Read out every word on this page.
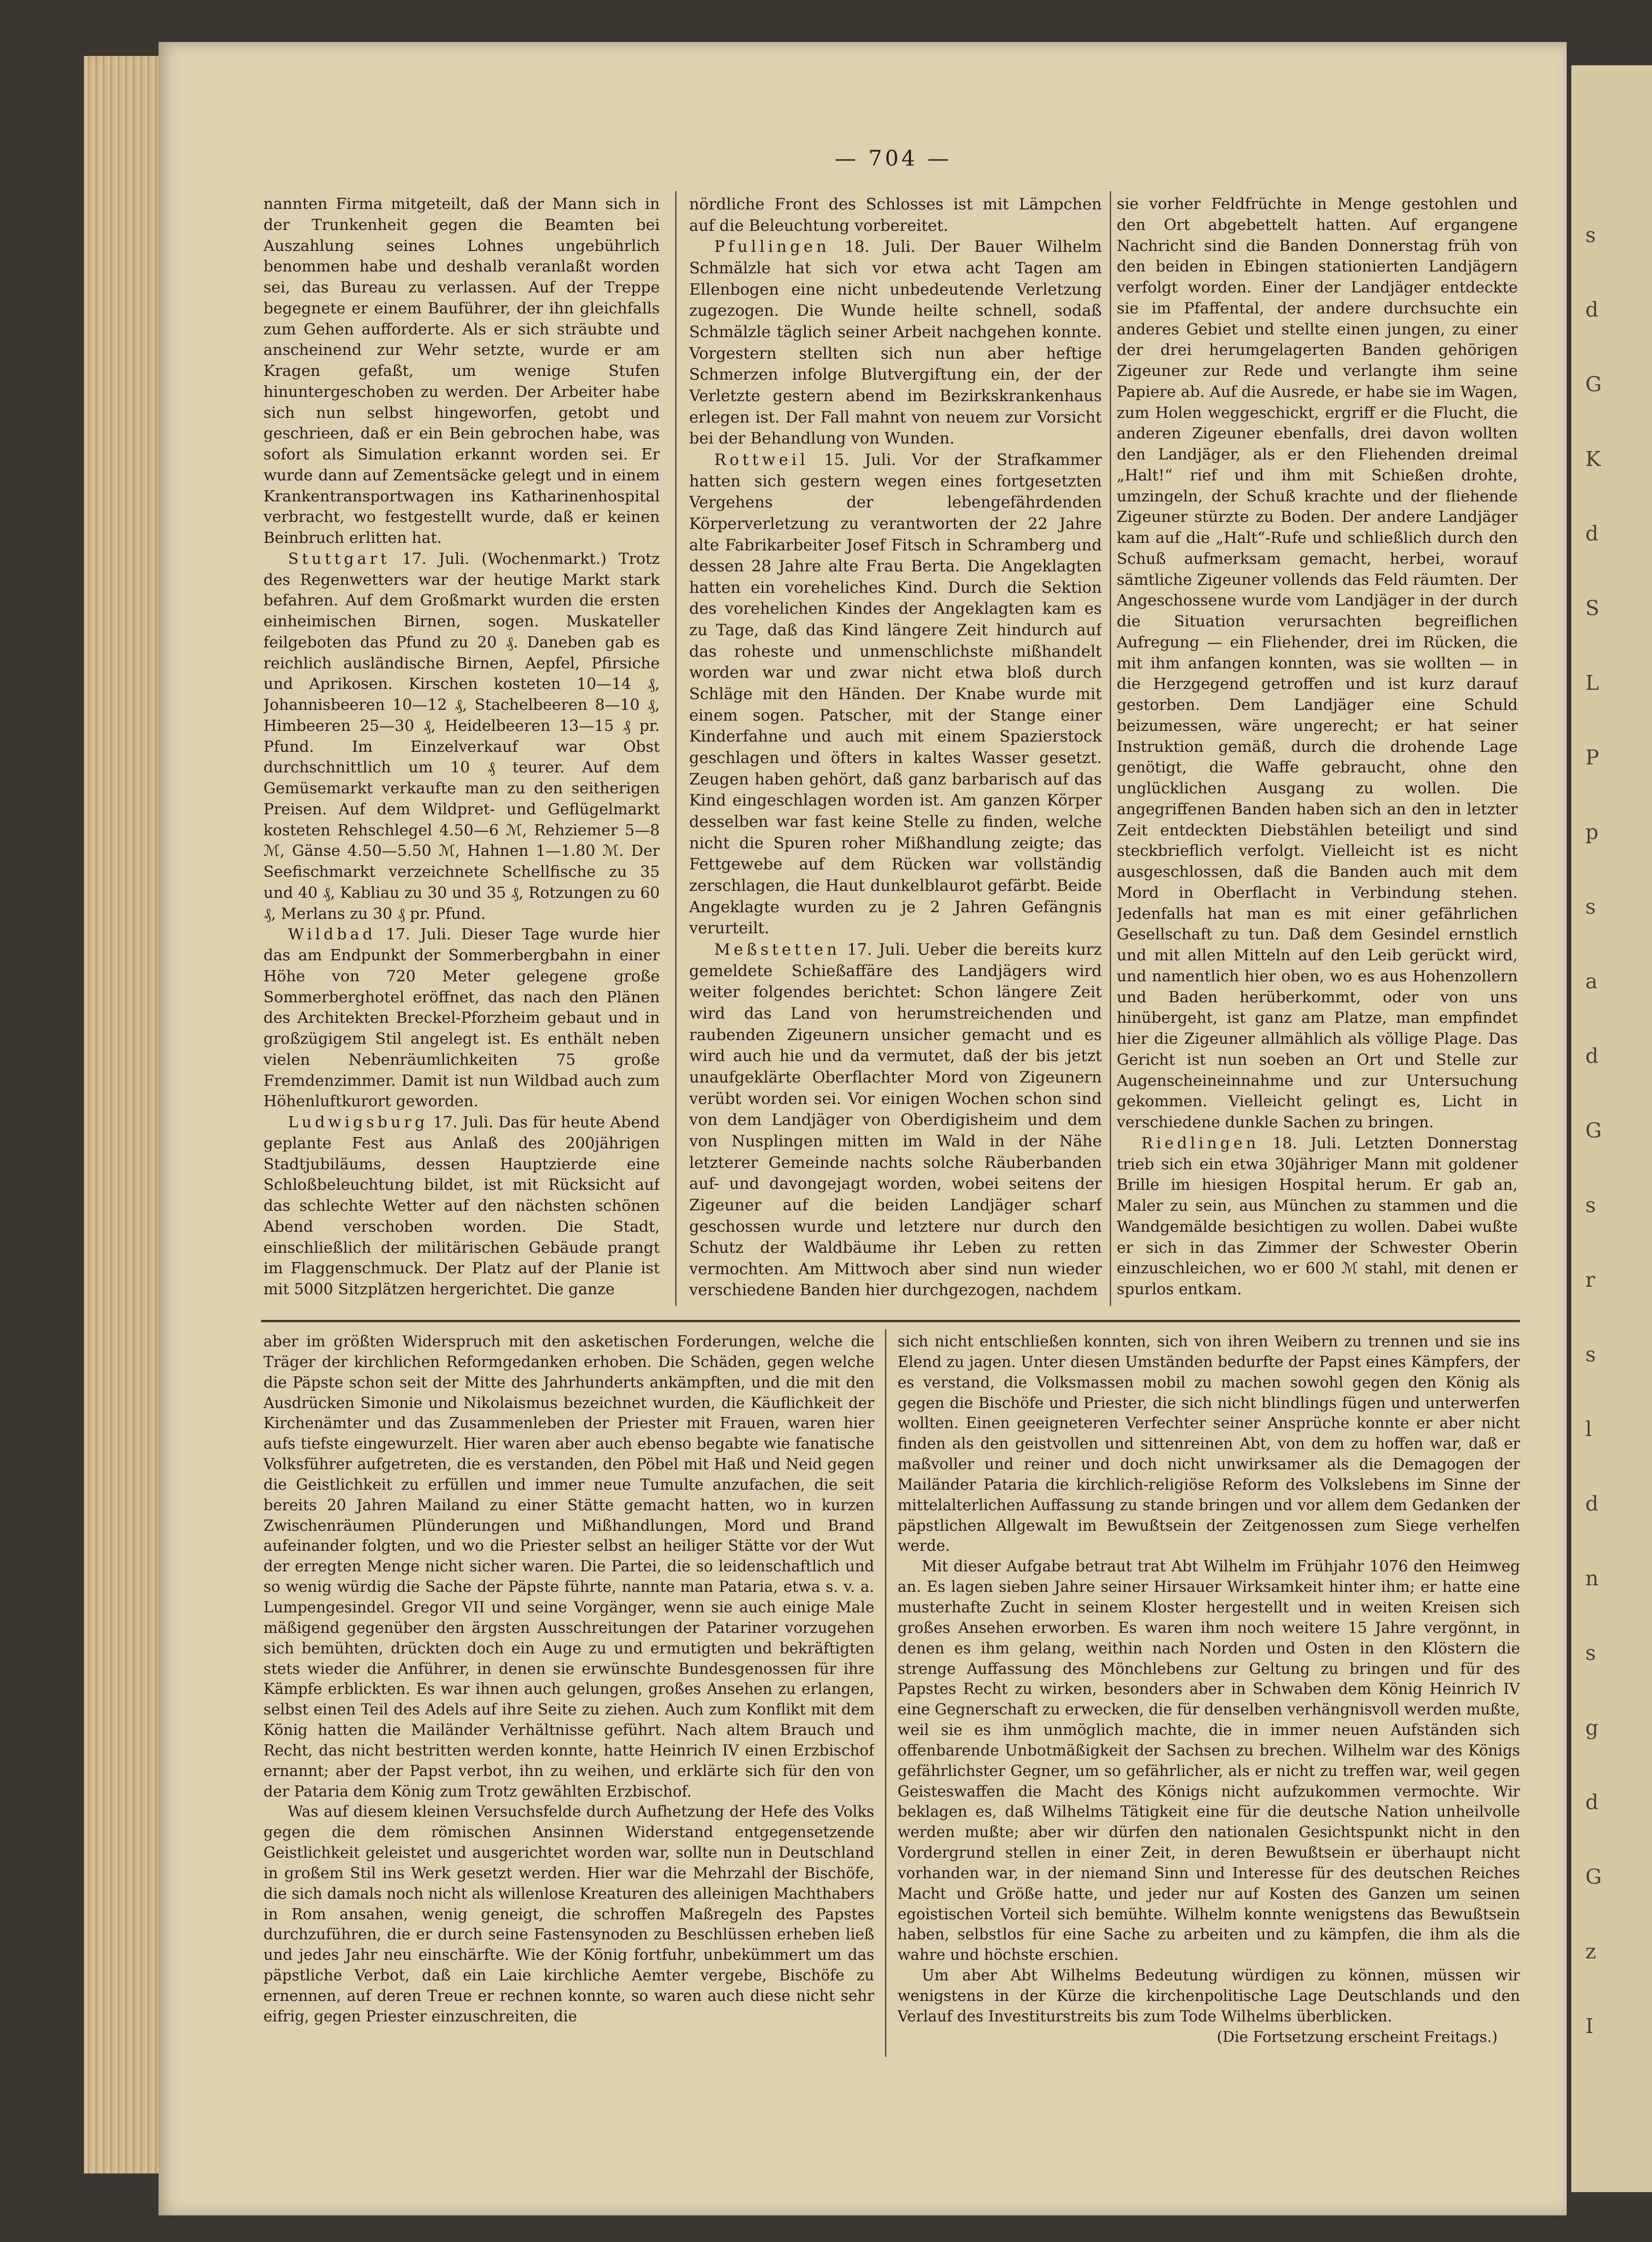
s
d
G
K
d
S
L
P
p
s
a
d
G
s
r
s
l
d
n
s
g
d
G
z
I
— 704 —

nannten Firma mitgeteilt, daß der Mann sich in der Trunkenheit gegen die Beamten bei Auszahlung seines Lohnes ungebührlich benommen habe und deshalb veranlaßt worden sei, das Bureau zu verlassen. Auf der Treppe begegnete er einem Bauführer, der ihn gleichfalls zum Gehen aufforderte. Als er sich sträubte und anscheinend zur Wehr setzte, wurde er am Kragen gefaßt, um wenige Stufen hinuntergeschoben zu werden. Der Arbeiter habe sich nun selbst hingeworfen, getobt und geschrieen, daß er ein Bein gebrochen habe, was sofort als Simulation erkannt worden sei. Er wurde dann auf Zementsäcke gelegt und in einem Krankentransportwagen ins Katharinenhospital verbracht, wo festgestellt wurde, daß er keinen Beinbruch erlitten hat.

Stuttgart 17. Juli. (Wochenmarkt.) Trotz des Regenwetters war der heutige Markt stark befahren. Auf dem Großmarkt wurden die ersten einheimischen Birnen, sogen. Muskateller feilgeboten das Pfund zu 20 ₰. Daneben gab es reichlich ausländische Birnen, Aepfel, Pfirsiche und Aprikosen. Kirschen kosteten 10—14 ₰, Johannisbeeren 10—12 ₰, Stachelbeeren 8—10 ₰, Himbeeren 25—30 ₰, Heidelbeeren 13—15 ₰ pr. Pfund. Im Einzelverkauf war Obst durchschnittlich um 10 ₰ teurer. Auf dem Gemüsemarkt verkaufte man zu den seitherigen Preisen. Auf dem Wildpret- und Geflügelmarkt kosteten Rehschlegel 4.50—6 ℳ, Rehziemer 5—8 ℳ, Gänse 4.50—5.50 ℳ, Hahnen 1—1.80 ℳ. Der Seefischmarkt verzeichnete Schellfische zu 35 und 40 ₰, Kabliau zu 30 und 35 ₰, Rotzungen zu 60 ₰, Merlans zu 30 ₰ pr. Pfund.

Wildbad 17. Juli. Dieser Tage wurde hier das am Endpunkt der Sommerbergbahn in einer Höhe von 720 Meter gelegene große Sommerberghotel eröffnet, das nach den Plänen des Architekten Breckel-Pforzheim gebaut und in großzügigem Stil angelegt ist. Es enthält neben vielen Nebenräumlichkeiten 75 große Fremdenzimmer. Damit ist nun Wildbad auch zum Höhenluftkurort geworden.

Ludwigsburg 17. Juli. Das für heute Abend geplante Fest aus Anlaß des 200jährigen Stadtjubiläums, dessen Hauptzierde eine Schloßbeleuchtung bildet, ist mit Rücksicht auf das schlechte Wetter auf den nächsten schönen Abend verschoben worden. Die Stadt, einschließlich der militärischen Gebäude prangt im Flaggenschmuck. Der Platz auf der Planie ist mit 5000 Sitzplätzen hergerichtet. Die ganze

nördliche Front des Schlosses ist mit Lämpchen auf die Beleuchtung vorbereitet.

Pfullingen 18. Juli. Der Bauer Wilhelm Schmälzle hat sich vor etwa acht Tagen am Ellenbogen eine nicht unbedeutende Verletzung zugezogen. Die Wunde heilte schnell, sodaß Schmälzle täglich seiner Arbeit nachgehen konnte. Vorgestern stellten sich nun aber heftige Schmerzen infolge Blutvergiftung ein, der der Verletzte gestern abend im Bezirkskrankenhaus erlegen ist. Der Fall mahnt von neuem zur Vorsicht bei der Behandlung von Wunden.

Rottweil 15. Juli. Vor der Strafkammer hatten sich gestern wegen eines fortgesetzten Vergehens der lebengefährdenden Körperverletzung zu verantworten der 22 Jahre alte Fabrikarbeiter Josef Fitsch in Schramberg und dessen 28 Jahre alte Frau Berta. Die Angeklagten hatten ein voreheliches Kind. Durch die Sektion des vorehelichen Kindes der Angeklagten kam es zu Tage, daß das Kind längere Zeit hindurch auf das roheste und unmenschlichste mißhandelt worden war und zwar nicht etwa bloß durch Schläge mit den Händen. Der Knabe wurde mit einem sogen. Patscher, mit der Stange einer Kinderfahne und auch mit einem Spazierstock geschlagen und öfters in kaltes Wasser gesetzt. Zeugen haben gehört, daß ganz barbarisch auf das Kind eingeschlagen worden ist. Am ganzen Körper desselben war fast keine Stelle zu finden, welche nicht die Spuren roher Mißhandlung zeigte; das Fettgewebe auf dem Rücken war vollständig zerschlagen, die Haut dunkelblaurot gefärbt. Beide Angeklagte wurden zu je 2 Jahren Gefängnis verurteilt.

Meßstetten 17. Juli. Ueber die bereits kurz gemeldete Schießaffäre des Landjägers wird weiter folgendes berichtet: Schon längere Zeit wird das Land von herumstreichenden und raubenden Zigeunern unsicher gemacht und es wird auch hie und da vermutet, daß der bis jetzt unaufgeklärte Oberflachter Mord von Zigeunern verübt worden sei. Vor einigen Wochen schon sind von dem Landjäger von Oberdigisheim und dem von Nusplingen mitten im Wald in der Nähe letzterer Gemeinde nachts solche Räuberbanden auf- und davongejagt worden, wobei seitens der Zigeuner auf die beiden Landjäger scharf geschossen wurde und letztere nur durch den Schutz der Waldbäume ihr Leben zu retten vermochten. Am Mittwoch aber sind nun wieder verschiedene Banden hier durchgezogen, nachdem

sie vorher Feldfrüchte in Menge gestohlen und den Ort abgebettelt hatten. Auf ergangene Nachricht sind die Banden Donnerstag früh von den beiden in Ebingen stationierten Landjägern verfolgt worden. Einer der Landjäger entdeckte sie im Pfaffental, der andere durchsuchte ein anderes Gebiet und stellte einen jungen, zu einer der drei herumgelagerten Banden gehörigen Zigeuner zur Rede und verlangte ihm seine Papiere ab. Auf die Ausrede, er habe sie im Wagen, zum Holen weggeschickt, ergriff er die Flucht, die anderen Zigeuner ebenfalls, drei davon wollten den Landjäger, als er den Fliehenden dreimal „Halt!“ rief und ihm mit Schießen drohte, umzingeln, der Schuß krachte und der fliehende Zigeuner stürzte zu Boden. Der andere Landjäger kam auf die „Halt“-Rufe und schließlich durch den Schuß aufmerksam gemacht, herbei, worauf sämtliche Zigeuner vollends das Feld räumten. Der Angeschossene wurde vom Landjäger in der durch die Situation verursachten begreiflichen Aufregung — ein Fliehender, drei im Rücken, die mit ihm anfangen konnten, was sie wollten — in die Herzgegend getroffen und ist kurz darauf gestorben. Dem Landjäger eine Schuld beizumessen, wäre ungerecht; er hat seiner Instruktion gemäß, durch die drohende Lage genötigt, die Waffe gebraucht, ohne den unglücklichen Ausgang zu wollen. Die angegriffenen Banden haben sich an den in letzter Zeit entdeckten Diebstählen beteiligt und sind steckbrieflich verfolgt. Vielleicht ist es nicht ausgeschlossen, daß die Banden auch mit dem Mord in Oberflacht in Verbindung stehen. Jedenfalls hat man es mit einer gefährlichen Gesellschaft zu tun. Daß dem Gesindel ernstlich und mit allen Mitteln auf den Leib gerückt wird, und namentlich hier oben, wo es aus Hohenzollern und Baden herüberkommt, oder von uns hinübergeht, ist ganz am Platze, man empfindet hier die Zigeuner allmählich als völlige Plage. Das Gericht ist nun soeben an Ort und Stelle zur Augenscheineinnahme und zur Untersuchung gekommen. Vielleicht gelingt es, Licht in verschiedene dunkle Sachen zu bringen.

Riedlingen 18. Juli. Letzten Donnerstag trieb sich ein etwa 30jähriger Mann mit goldener Brille im hiesigen Hospital herum. Er gab an, Maler zu sein, aus München zu stammen und die Wandgemälde besichtigen zu wollen. Dabei wußte er sich in das Zimmer der Schwester Oberin einzuschleichen, wo er 600 ℳ stahl, mit denen er spurlos entkam.

aber im größten Widerspruch mit den asketischen Forderungen, welche die Träger der kirchlichen Reformgedanken erhoben. Die Schäden, gegen welche die Päpste schon seit der Mitte des Jahrhunderts ankämpften, und die mit den Ausdrücken Simonie und Nikolaismus bezeichnet wurden, die Käuflichkeit der Kirchenämter und das Zusammenleben der Priester mit Frauen, waren hier aufs tiefste eingewurzelt. Hier waren aber auch ebenso begabte wie fanatische Volksführer aufgetreten, die es verstanden, den Pöbel mit Haß und Neid gegen die Geistlichkeit zu erfüllen und immer neue Tumulte anzufachen, die seit bereits 20 Jahren Mailand zu einer Stätte gemacht hatten, wo in kurzen Zwischenräumen Plünderungen und Mißhandlungen, Mord und Brand aufeinander folgten, und wo die Priester selbst an heiliger Stätte vor der Wut der erregten Menge nicht sicher waren. Die Partei, die so leidenschaftlich und so wenig würdig die Sache der Päpste führte, nannte man Pataria, etwa s. v. a. Lumpengesindel. Gregor VII und seine Vorgänger, wenn sie auch einige Male mäßigend gegenüber den ärgsten Ausschreitungen der Patariner vorzugehen sich bemühten, drückten doch ein Auge zu und ermutigten und bekräftigten stets wieder die Anführer, in denen sie erwünschte Bundesgenossen für ihre Kämpfe erblickten. Es war ihnen auch gelungen, großes Ansehen zu erlangen, selbst einen Teil des Adels auf ihre Seite zu ziehen. Auch zum Konflikt mit dem König hatten die Mailänder Verhältnisse geführt. Nach altem Brauch und Recht, das nicht bestritten werden konnte, hatte Heinrich IV einen Erzbischof ernannt; aber der Papst verbot, ihn zu weihen, und erklärte sich für den von der Pataria dem König zum Trotz gewählten Erzbischof.

Was auf diesem kleinen Versuchsfelde durch Aufhetzung der Hefe des Volks gegen die dem römischen Ansinnen Widerstand entgegensetzende Geistlichkeit geleistet und ausgerichtet worden war, sollte nun in Deutschland in großem Stil ins Werk gesetzt werden. Hier war die Mehrzahl der Bischöfe, die sich damals noch nicht als willenlose Kreaturen des alleinigen Machthabers in Rom ansahen, wenig geneigt, die schroffen Maßregeln des Papstes durchzuführen, die er durch seine Fastensynoden zu Beschlüssen erheben ließ und jedes Jahr neu einschärfte. Wie der König fortfuhr, unbekümmert um das päpstliche Verbot, daß ein Laie kirchliche Aemter vergebe, Bischöfe zu ernennen, auf deren Treue er rechnen konnte, so waren auch diese nicht sehr eifrig, gegen Priester einzuschreiten, die

sich nicht entschließen konnten, sich von ihren Weibern zu trennen und sie ins Elend zu jagen. Unter diesen Umständen bedurfte der Papst eines Kämpfers, der es verstand, die Volksmassen mobil zu machen sowohl gegen den König als gegen die Bischöfe und Priester, die sich nicht blindlings fügen und unterwerfen wollten. Einen geeigneteren Verfechter seiner Ansprüche konnte er aber nicht finden als den geistvollen und sittenreinen Abt, von dem zu hoffen war, daß er maßvoller und reiner und doch nicht unwirksamer als die Demagogen der Mailänder Pataria die kirchlich-religiöse Reform des Volkslebens im Sinne der mittelalterlichen Auffassung zu stande bringen und vor allem dem Gedanken der päpstlichen Allgewalt im Bewußtsein der Zeitgenossen zum Siege verhelfen werde.

Mit dieser Aufgabe betraut trat Abt Wilhelm im Frühjahr 1076 den Heimweg an. Es lagen sieben Jahre seiner Hirsauer Wirksamkeit hinter ihm; er hatte eine musterhafte Zucht in seinem Kloster hergestellt und in weiten Kreisen sich großes Ansehen erworben. Es waren ihm noch weitere 15 Jahre vergönnt, in denen es ihm gelang, weithin nach Norden und Osten in den Klöstern die strenge Auffassung des Mönchlebens zur Geltung zu bringen und für des Papstes Recht zu wirken, besonders aber in Schwaben dem König Heinrich IV eine Gegnerschaft zu erwecken, die für denselben verhängnisvoll werden mußte, weil sie es ihm unmöglich machte, die in immer neuen Aufständen sich offenbarende Unbotmäßigkeit der Sachsen zu brechen. Wilhelm war des Königs gefährlichster Gegner, um so gefährlicher, als er nicht zu treffen war, weil gegen Geisteswaffen die Macht des Königs nicht aufzukommen vermochte. Wir beklagen es, daß Wilhelms Tätigkeit eine für die deutsche Nation unheilvolle werden mußte; aber wir dürfen den nationalen Gesichtspunkt nicht in den Vordergrund stellen in einer Zeit, in deren Bewußtsein er überhaupt nicht vorhanden war, in der niemand Sinn und Interesse für des deutschen Reiches Macht und Größe hatte, und jeder nur auf Kosten des Ganzen um seinen egoistischen Vorteil sich bemühte. Wilhelm konnte wenigstens das Bewußtsein haben, selbstlos für eine Sache zu arbeiten und zu kämpfen, die ihm als die wahre und höchste erschien.

Um aber Abt Wilhelms Bedeutung würdigen zu können, müssen wir wenigstens in der Kürze die kirchenpolitische Lage Deutschlands und den Verlauf des Investiturstreits bis zum Tode Wilhelms überblicken.

(Die Fortsetzung erscheint Freitags.)
